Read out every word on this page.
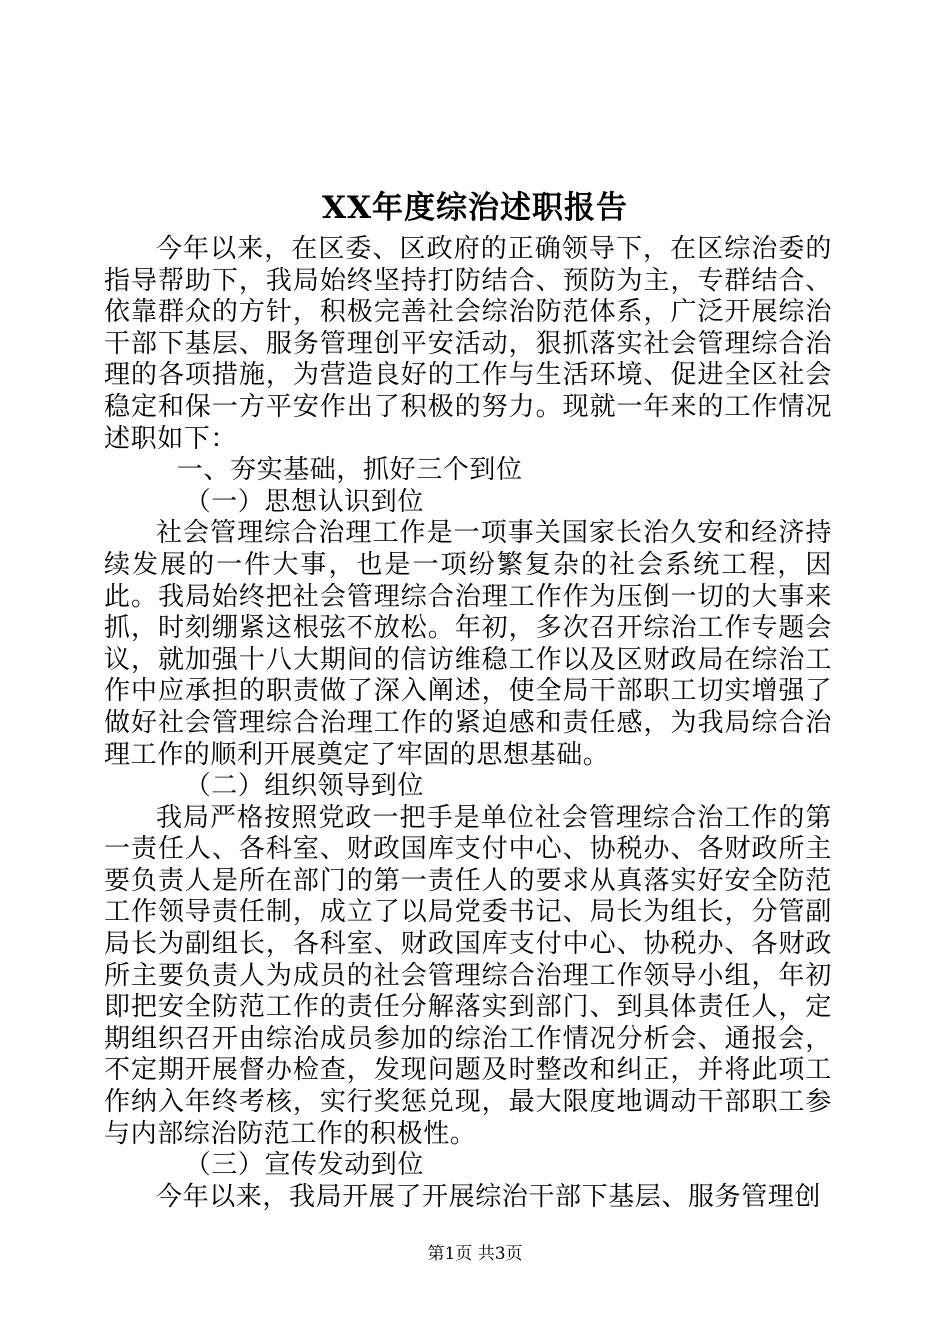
XX年度综治述职报告

今年以来，在区委、区政府的正确领导下，在区综治委的指导帮助下，我局始终坚持打防结合、预防为主，专群结合、依靠群众的方针，积极完善社会综治防范体系，广泛开展综治干部下基层、服务管理创平安活动，狠抓落实社会管理综合治理的各项措施，为营造良好的工作与生活环境、促进全区社会稳定和保一方平安作出了积极的努力。现就一年来的工作情况述职如下：

一、夯实基础，抓好三个到位

（一）思想认识到位

社会管理综合治理工作是一项事关国家长治久安和经济持续发展的一件大事，也是一项纷繁复杂的社会系统工程，因此。我局始终把社会管理综合治理工作作为压倒一切的大事来抓，时刻绷紧这根弦不放松。年初，多次召开综治工作专题会议，就加强十八大期间的信访维稳工作以及区财政局在综治工作中应承担的职责做了深入阐述，使全局干部职工切实增强了做好社会管理综合治理工作的紧迫感和责任感，为我局综合治理工作的顺利开展奠定了牢固的思想基础。

（二）组织领导到位

我局严格按照党政一把手是单位社会管理综合治工作的第一责任人、各科室、财政国库支付中心、协税办、各财政所主要负责人是所在部门的第一责任人的要求从真落实好安全防范工作领导责任制，成立了以局党委书记、局长为组长，分管副局长为副组长，各科室、财政国库支付中心、协税办、各财政所主要负责人为成员的社会管理综合治理工作领导小组，年初即把安全防范工作的责任分解落实到部门、到具体责任人，定期组织召开由综治成员参加的综治工作情况分析会、通报会，不定期开展督办检查，发现问题及时整改和纠正，并将此项工作纳入年终考核，实行奖惩兑现，最大限度地调动干部职工参与内部综治防范工作的积极性。

（三）宣传发动到位

今年以来，我局开展了开展综治干部下基层、服务管理创

第1页 共3页
